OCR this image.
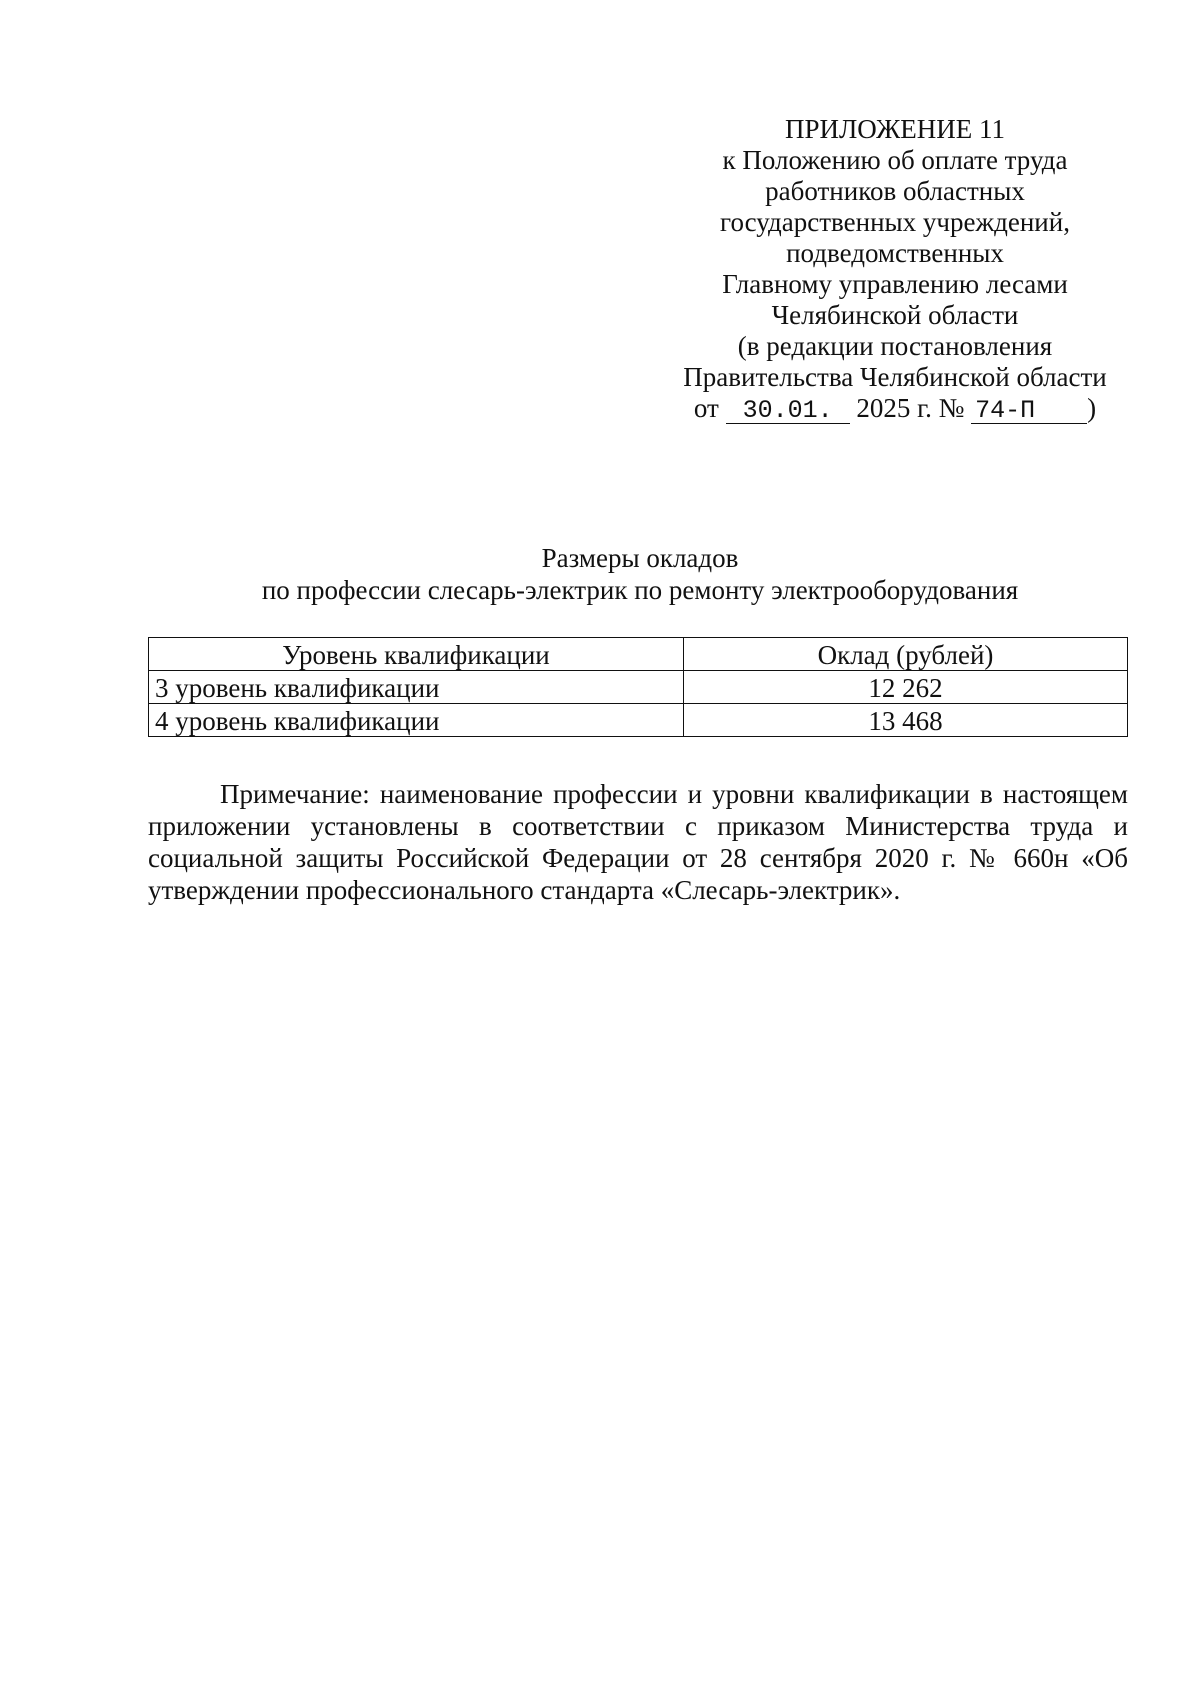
ПРИЛОЖЕНИЕ 11
к Положению об оплате труда
работников областных
государственных учреждений,
подведомственных
Главному управлению лесами
Челябинской области
(в редакции постановления
Правительства Челябинской области
от 30.01. 2025 г. № 74-П )
Размеры окладов
по профессии слесарь-электрик по ремонту электрооборудования
Уровень квалификации	Оклад (рублей)
3 уровень квалификации	12 262
4 уровень квалификации	13 468
Примечание: наименование профессии и уровни квалификации в настоящем приложении установлены в соответствии с приказом Министерства труда и социальной защиты Российской Федерации от 28 сентября 2020 г. № 660н «Об утверждении профессионального стандарта «Слесарь-электрик».
